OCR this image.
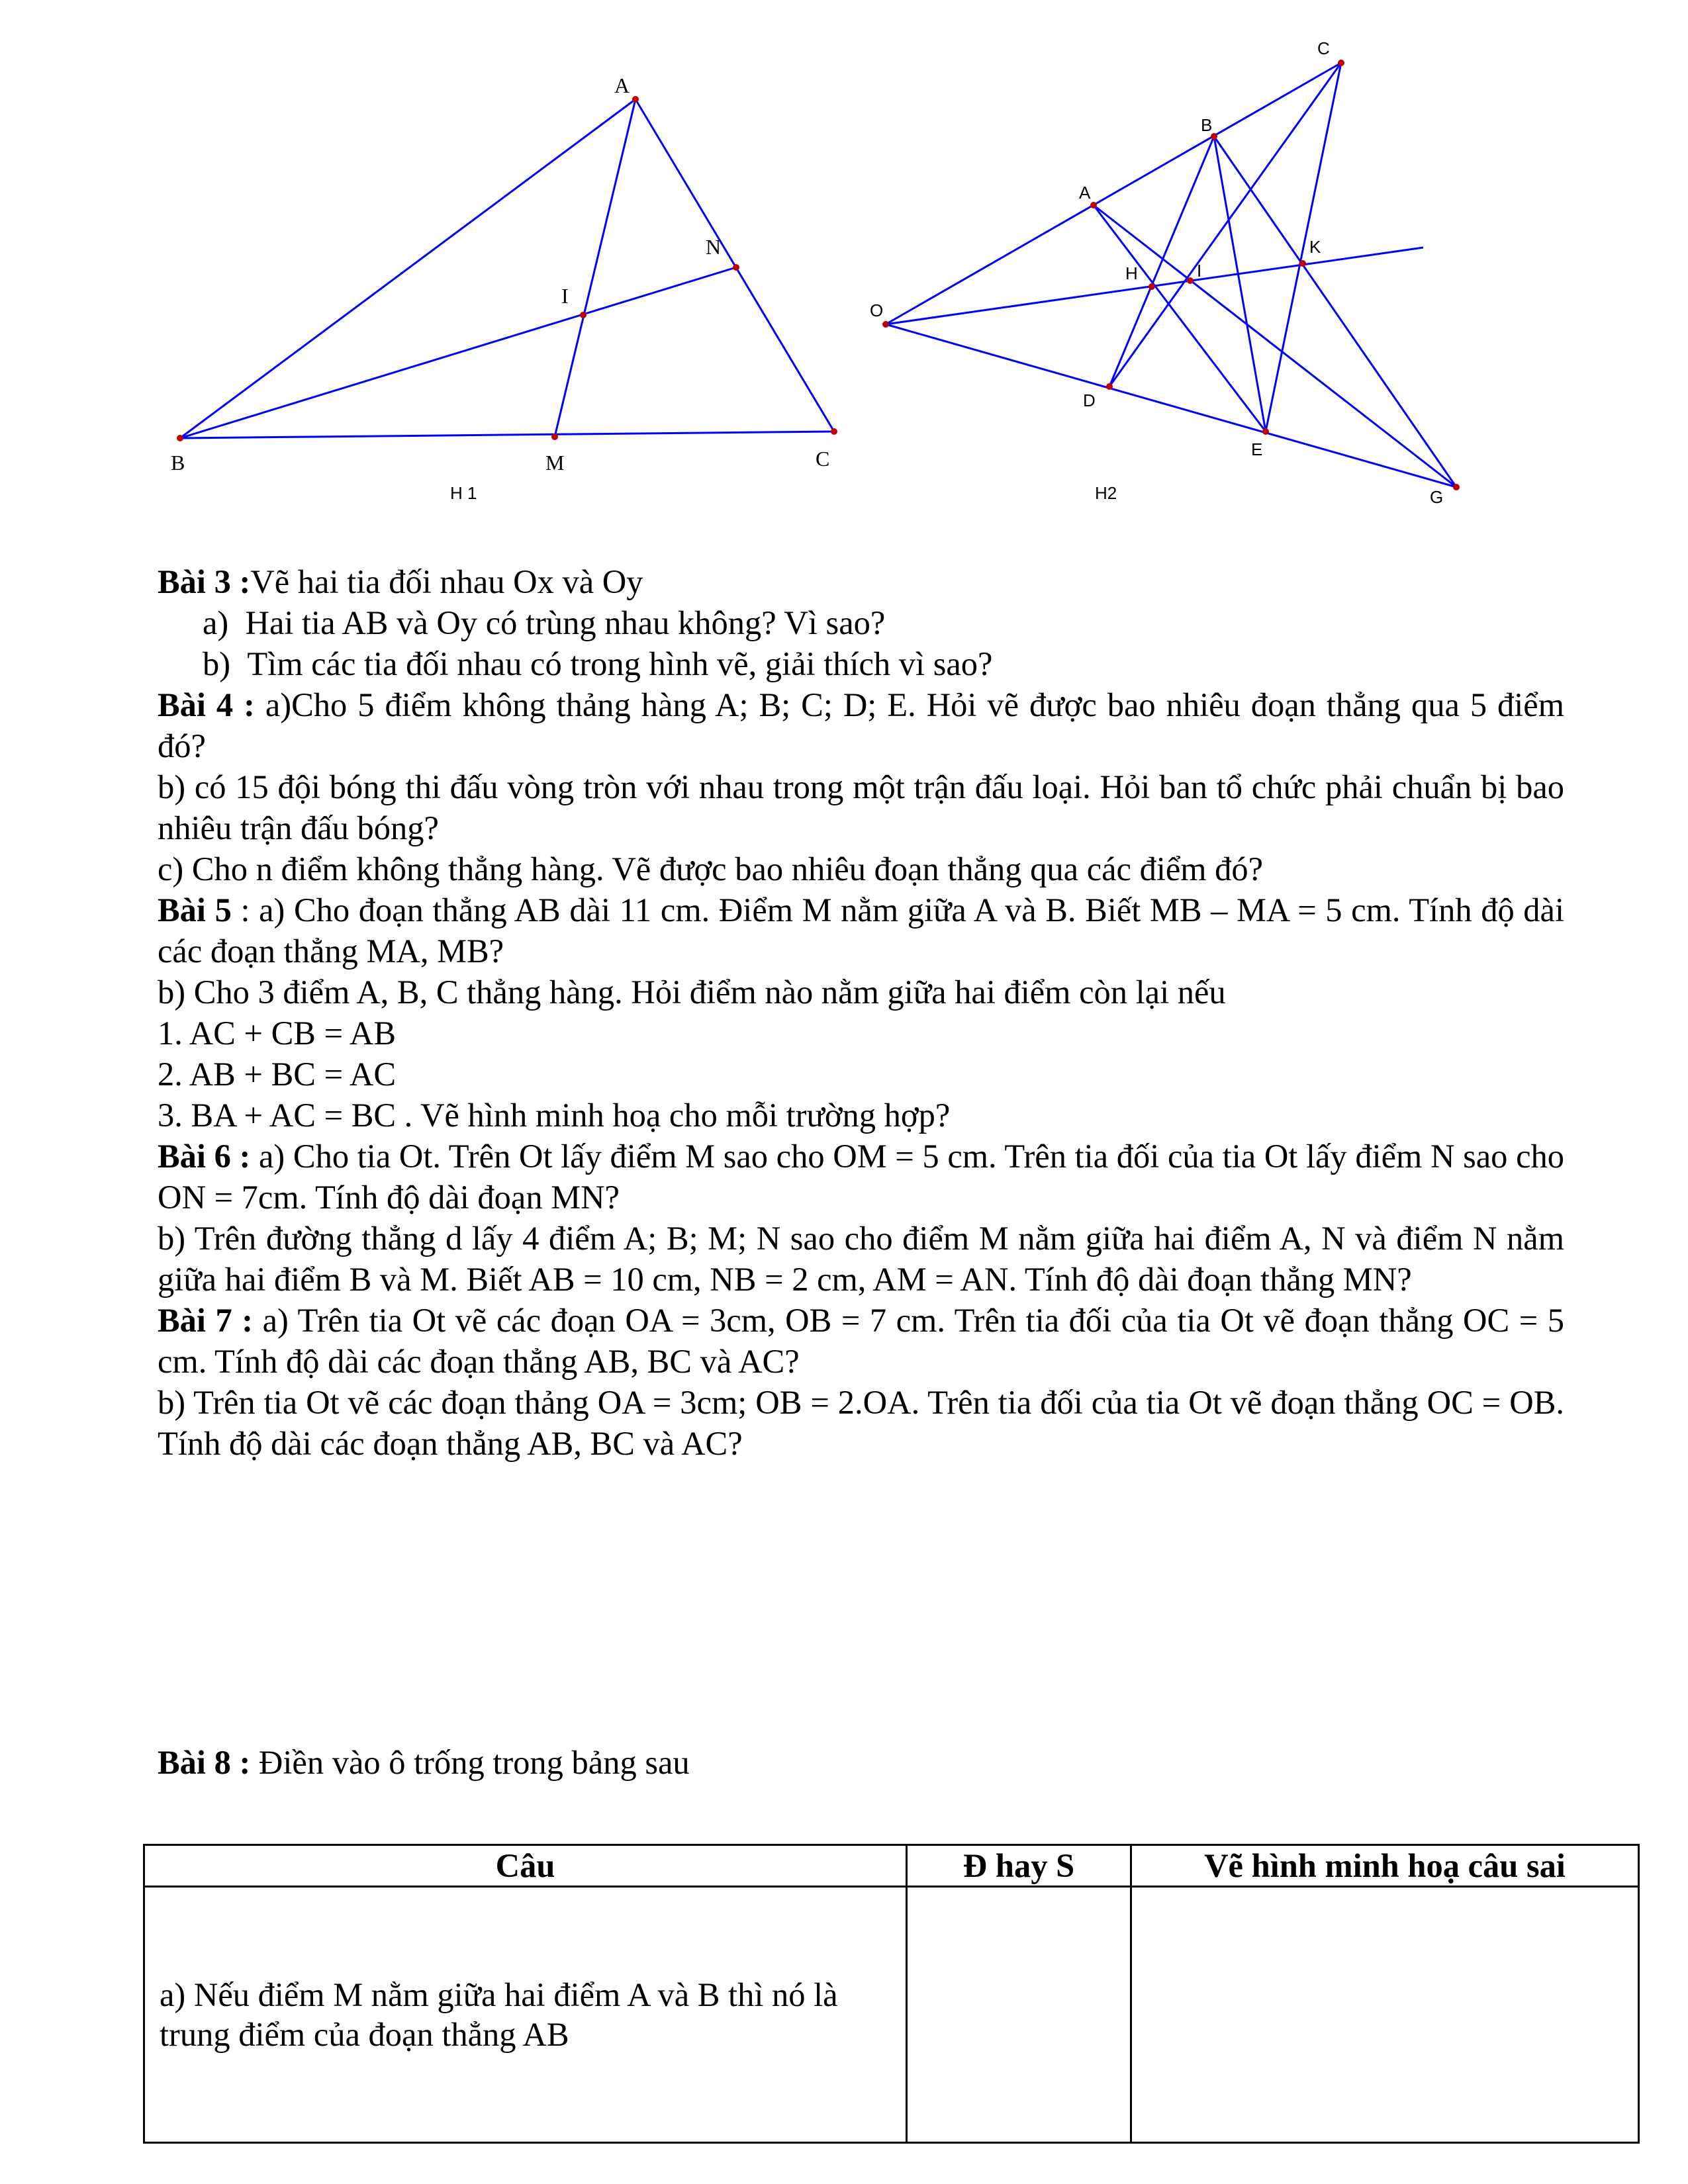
A
B	C
M
N
I
H 1
O
A
B
C
D
E
G
H	I
K
H2

Bài 3 :Vẽ hai tia đối nhau Ox và Oy

a) Hai tia AB và Oy có trùng nhau không? Vì sao?
b) Tìm các tia đối nhau có trong hình vẽ, giải thích vì sao?

Bài 4 : a)Cho 5 điểm không thảng hàng A; B; C; D; E. Hỏi vẽ được bao nhiêu đoạn thẳng qua 5 điểm đó?

b) có 15 đội bóng thi đấu vòng tròn với nhau trong một trận đấu loại. Hỏi ban tổ chức phải chuẩn bị bao nhiêu trận đấu bóng?

c) Cho n điểm không thẳng hàng. Vẽ được bao nhiêu đoạn thẳng qua các điểm đó?

Bài 5 : a) Cho đoạn thẳng AB dài 11 cm. Điểm M nằm giữa A và B. Biết MB – MA = 5 cm. Tính độ dài các đoạn thẳng MA, MB?

b) Cho 3 điểm A, B, C thẳng hàng. Hỏi điểm nào nằm giữa hai điểm còn lại nếu

1. AC + CB = AB

2. AB + BC = AC

3. BA + AC = BC . Vẽ hình minh hoạ cho mỗi trường hợp?

Bài 6 : a) Cho tia Ot. Trên Ot lấy điểm M sao cho OM = 5 cm. Trên tia đối của tia Ot lấy điểm N sao cho ON = 7cm. Tính độ dài đoạn MN?

b) Trên đường thẳng d lấy 4 điểm A; B; M; N sao cho điểm M nằm giữa hai điểm A, N và điểm N nằm giữa hai điểm B và M. Biết AB = 10 cm, NB = 2 cm, AM = AN. Tính độ dài đoạn thẳng MN?

Bài 7 : a) Trên tia Ot vẽ các đoạn OA = 3cm, OB = 7 cm. Trên tia đối của tia Ot vẽ đoạn thẳng OC = 5 cm. Tính độ dài các đoạn thẳng AB, BC và AC?

b) Trên tia Ot vẽ các đoạn thảng OA = 3cm; OB = 2.OA. Trên tia đối của tia Ot vẽ đoạn thẳng OC = OB. Tính độ dài các đoạn thẳng AB, BC và AC?

Bài 8 : Điền vào ô trống trong bảng sau
Câu	Đ hay S	Vẽ hình minh hoạ câu sai
a) Nếu điểm M nằm giữa hai điểm A và B thì nó là trung điểm của đoạn thẳng AB		
